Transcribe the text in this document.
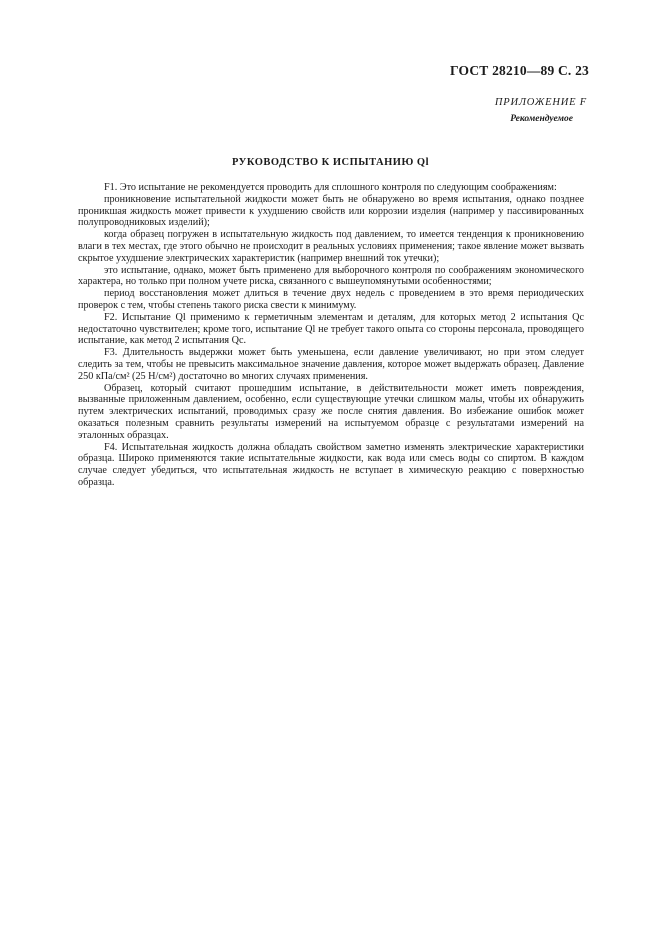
ГОСТ 28210—89 С. 23
ПРИЛОЖЕНИЕ F
Рекомендуемое
РУКОВОДСТВО К ИСПЫТАНИЮ Ql

F1. Это испытание не рекомендуется проводить для сплошного контроля по следующим соображениям:

проникновение испытательной жидкости может быть не обнаружено во время испытания, однако позднее проникшая жидкость может привести к ухудшению свойств или коррозии изделия (например у пассивированных полупроводниковых изделий);

когда образец погружен в испытательную жидкость под давлением, то имеется тенденция к проникновению влаги в тех местах, где этого обычно не происходит в реальных условиях применения; такое явление может вызвать скрытое ухудшение электрических характеристик (например внешний ток утечки);

это испытание, однако, может быть применено для выборочного контроля по соображениям экономического характера, но только при полном учете риска, связанного с вышеупомянутыми особенностями;

период восстановления может длиться в течение двух недель с проведением в это время периодических проверок с тем, чтобы степень такого риска свести к минимуму.

F2. Испытание Ql применимо к герметичным элементам и деталям, для которых метод 2 испытания Qc недостаточно чувствителен; кроме того, испытание Ql не требует такого опыта со стороны персонала, проводящего испытание, как метод 2 испытания Qc.

F3. Длительность выдержки может быть уменьшена, если давление увеличивают, но при этом следует следить за тем, чтобы не превысить максимальное значение давления, которое может выдержать образец. Давление 250 кПа/см² (25 Н/см²) достаточно во многих случаях применения.

Образец, который считают прошедшим испытание, в действительности может иметь повреждения, вызванные приложенным давлением, особенно, если существующие утечки слишком малы, чтобы их обнаружить путем электрических испытаний, проводимых сразу же после снятия давления. Во избежание ошибок может оказаться полезным сравнить результаты измерений на испытуемом образце с результатами измерений на эталонных образцах.

F4. Испытательная жидкость должна обладать свойством заметно изменять электрические характеристики образца. Широко применяются такие испытательные жидкости, как вода или смесь воды со спиртом. В каждом случае следует убедиться, что испытательная жидкость не вступает в химическую реакцию с поверхностью образца.
